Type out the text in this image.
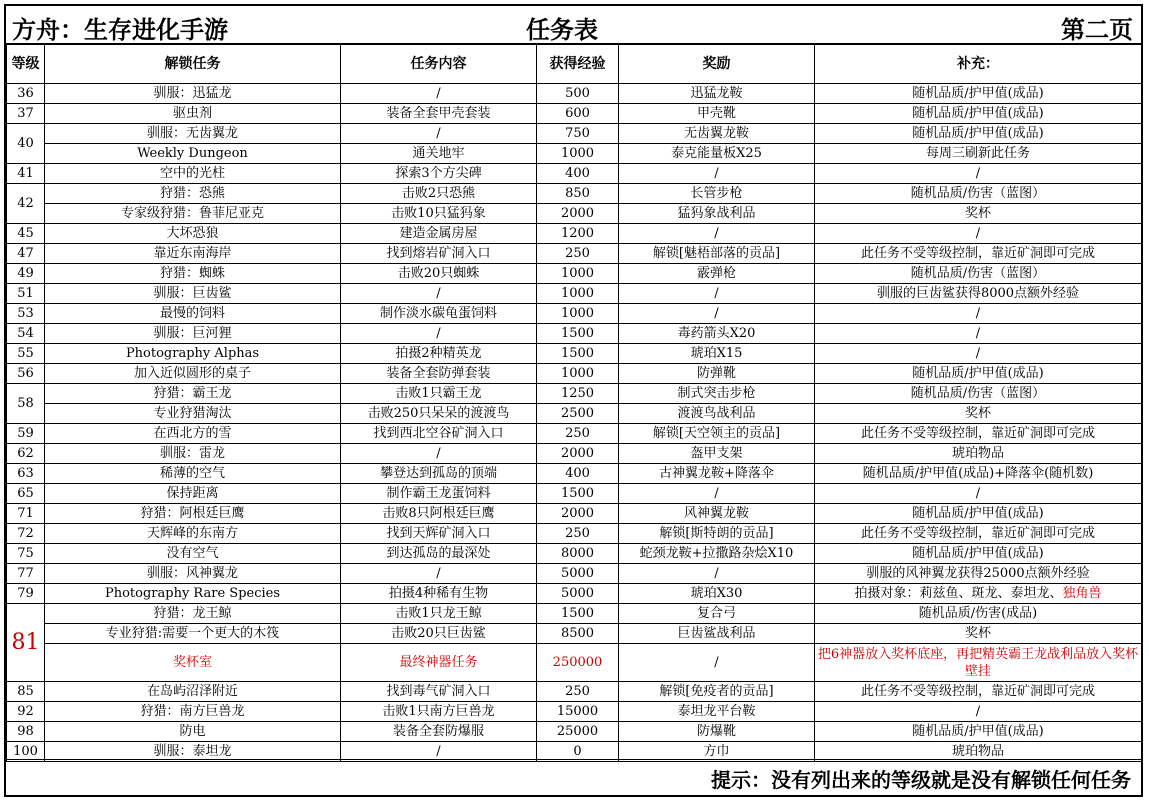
方舟：生存进化手游	任务表	第二页
等级	解锁任务	任务内容	获得经验	奖励	补充：
36	驯服：迅猛龙	/	500	迅猛龙鞍	随机品质/护甲值(成品)
37	驱虫剂	装备全套甲壳套装	600	甲壳靴	随机品质/护甲值(成品)
40	驯服：无齿翼龙	/	750	无齿翼龙鞍	随机品质/护甲值(成品)
	Weekly Dungeon	通关地牢	1000	泰克能量板X25	每周三刷新此任务
41	空中的光柱	探索3个方尖碑	400	/	/
42	狩猎：恐熊	击败2只恐熊	850	长管步枪	随机品质/伤害（蓝图）
	专家级狩猎：鲁菲尼亚克	击败10只猛犸象	2000	猛犸象战利品	奖杯
45	大坏恐狼	建造金属房屋	1200	/	/
47	靠近东南海岸	找到熔岩矿洞入口	250	解锁[魅梧部落的贡品]	此任务不受等级控制，靠近矿洞即可完成
49	狩猎：蜘蛛	击败20只蜘蛛	1000	霰弹枪	随机品质/伤害（蓝图）
51	驯服：巨齿鲨	/	1000	/	驯服的巨齿鲨获得8000点额外经验
53	最慢的饲料	制作淡水碳龟蛋饲料	1000	/	/
54	驯服：巨河狸	/	1500	毒药箭头X20	/
55	Photography Alphas	拍摄2种精英龙	1500	琥珀X15	/
56	加入近似圆形的桌子	装备全套防弹套装	1000	防弹靴	随机品质/护甲值(成品)
58	狩猎：霸王龙	击败1只霸王龙	1250	制式突击步枪	随机品质/伤害（蓝图）
	专业狩猎淘汰	击败250只呆呆的渡渡鸟	2500	渡渡鸟战利品	奖杯
59	在西北方的雪	找到西北空谷矿洞入口	250	解锁[天空领主的贡品]	此任务不受等级控制，靠近矿洞即可完成
62	驯服：雷龙	/	2000	盔甲支架	琥珀物品
63	稀薄的空气	攀登达到孤岛的顶端	400	古神翼龙鞍+降落伞	随机品质/护甲值(成品)+降落伞(随机数)
65	保持距离	制作霸王龙蛋饲料	1500	/	/
71	狩猎：阿根廷巨鹰	击败8只阿根廷巨鹰	2000	风神翼龙鞍	随机品质/护甲值(成品)
72	天辉峰的东南方	找到天辉矿洞入口	250	解锁[斯特朗的贡品]	此任务不受等级控制，靠近矿洞即可完成
75	没有空气	到达孤岛的最深处	8000	蛇颈龙鞍+拉撒路杂烩X10	随机品质/护甲值(成品)
77	驯服：风神翼龙	/	5000	/	驯服的风神翼龙获得25000点额外经验
79	Photography Rare Species	拍摄4种稀有生物	5000	琥珀X30	拍摄对象：莉兹鱼、斑龙、泰坦龙、独角兽
81	狩猎：龙王鲸	击败1只龙王鲸	1500	复合弓	随机品质/伤害(成品)
	专业狩猎:需要一个更大的木筏	击败20只巨齿鲨	8500	巨齿鲨战利品	奖杯
	奖杯室	最终神器任务	250000	/	把6神器放入奖杯底座，再把精英霸王龙战利品放入奖杯壁挂
85	在岛屿沼泽附近	找到毒气矿洞入口	250	解锁[免疫者的贡品]	此任务不受等级控制，靠近矿洞即可完成
92	狩猎：南方巨兽龙	击败1只南方巨兽龙	15000	泰坦龙平台鞍	/
98	防电	装备全套防爆服	25000	防爆靴	随机品质/护甲值(成品)
100	驯服：泰坦龙	/	0	方巾	琥珀物品
提示：没有列出来的等级就是没有解锁任何任务
